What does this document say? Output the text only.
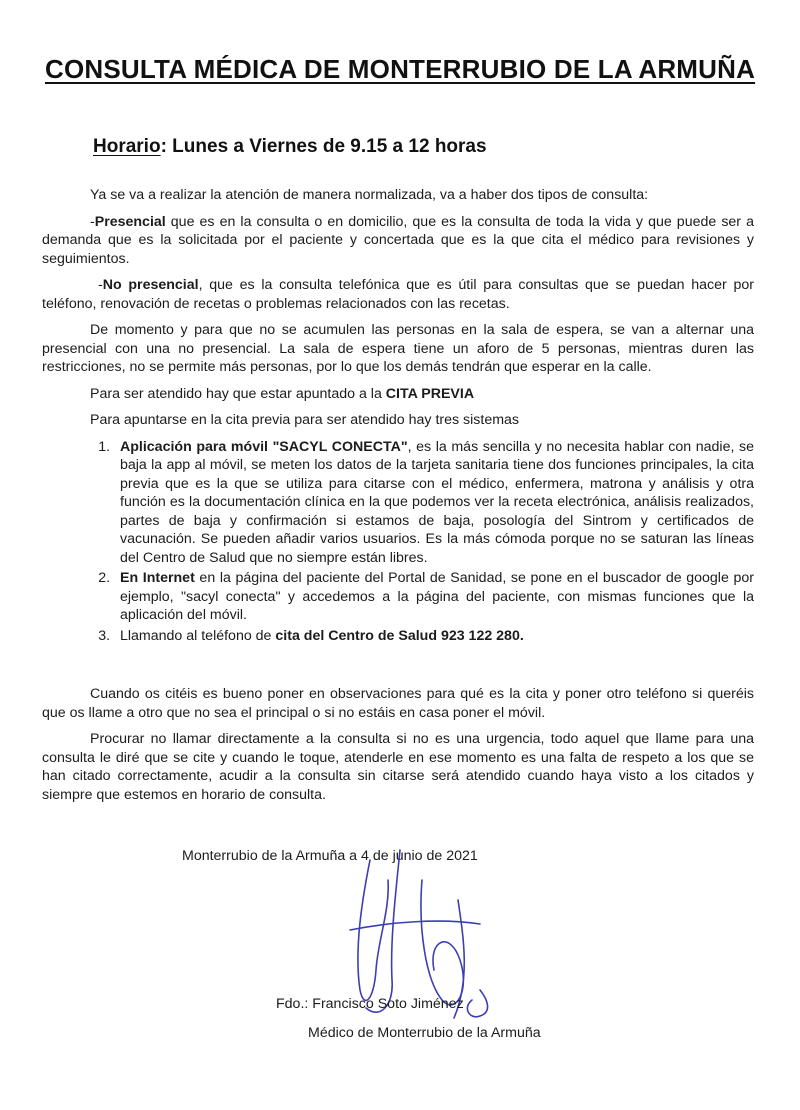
CONSULTA MÉDICA DE MONTERRUBIO DE LA ARMUÑA
Horario: Lunes a Viernes de 9.15 a 12 horas

Ya se va a realizar la atención de manera normalizada, va a haber dos tipos de consulta:

-Presencial que es en la consulta o en domicilio, que es la consulta de toda la vida y que puede ser a demanda que es la solicitada por el paciente y concertada que es la que cita el médico para revisiones y seguimientos.

-No presencial, que es la consulta telefónica que es útil para consultas que se puedan hacer por teléfono, renovación de recetas o problemas relacionados con las recetas.

De momento y para que no se acumulen las personas en la sala de espera, se van a alternar una presencial con una no presencial. La sala de espera tiene un aforo de 5 personas, mientras duren las restricciones, no se permite más personas, por lo que los demás tendrán que esperar en la calle.

Para ser atendido hay que estar apuntado a la CITA PREVIA

Para apuntarse en la cita previa para ser atendido hay tres sistemas

1. Aplicación para móvil "SACYL CONECTA", es la más sencilla y no necesita hablar con nadie, se baja la app al móvil, se meten los datos de la tarjeta sanitaria tiene dos funciones principales, la cita previa que es la que se utiliza para citarse con el médico, enfermera, matrona y análisis y otra función es la documentación clínica en la que podemos ver la receta electrónica, análisis realizados, partes de baja y confirmación si estamos de baja, posología del Sintrom y certificados de vacunación. Se pueden añadir varios usuarios. Es la más cómoda porque no se saturan las líneas del Centro de Salud que no siempre están libres.
2. En Internet en la página del paciente del Portal de Sanidad, se pone en el buscador de google por ejemplo, "sacyl conecta" y accedemos a la página del paciente, con mismas funciones que la aplicación del móvil.
3. Llamando al teléfono de cita del Centro de Salud 923 122 280.

Cuando os citéis es bueno poner en observaciones para qué es la cita y poner otro teléfono si queréis que os llame a otro que no sea el principal o si no estáis en casa poner el móvil.

Procurar no llamar directamente a la consulta si no es una urgencia, todo aquel que llame para una consulta le diré que se cite y cuando le toque, atenderle en ese momento es una falta de respeto a los que se han citado correctamente, acudir a la consulta sin citarse será atendido cuando haya visto a los citados y siempre que estemos en horario de consulta.

Monterrubio de la Armuña a 4 de junio de 2021
Fdo.: Francisco Soto Jiménez
Médico de Monterrubio de la Armuña
